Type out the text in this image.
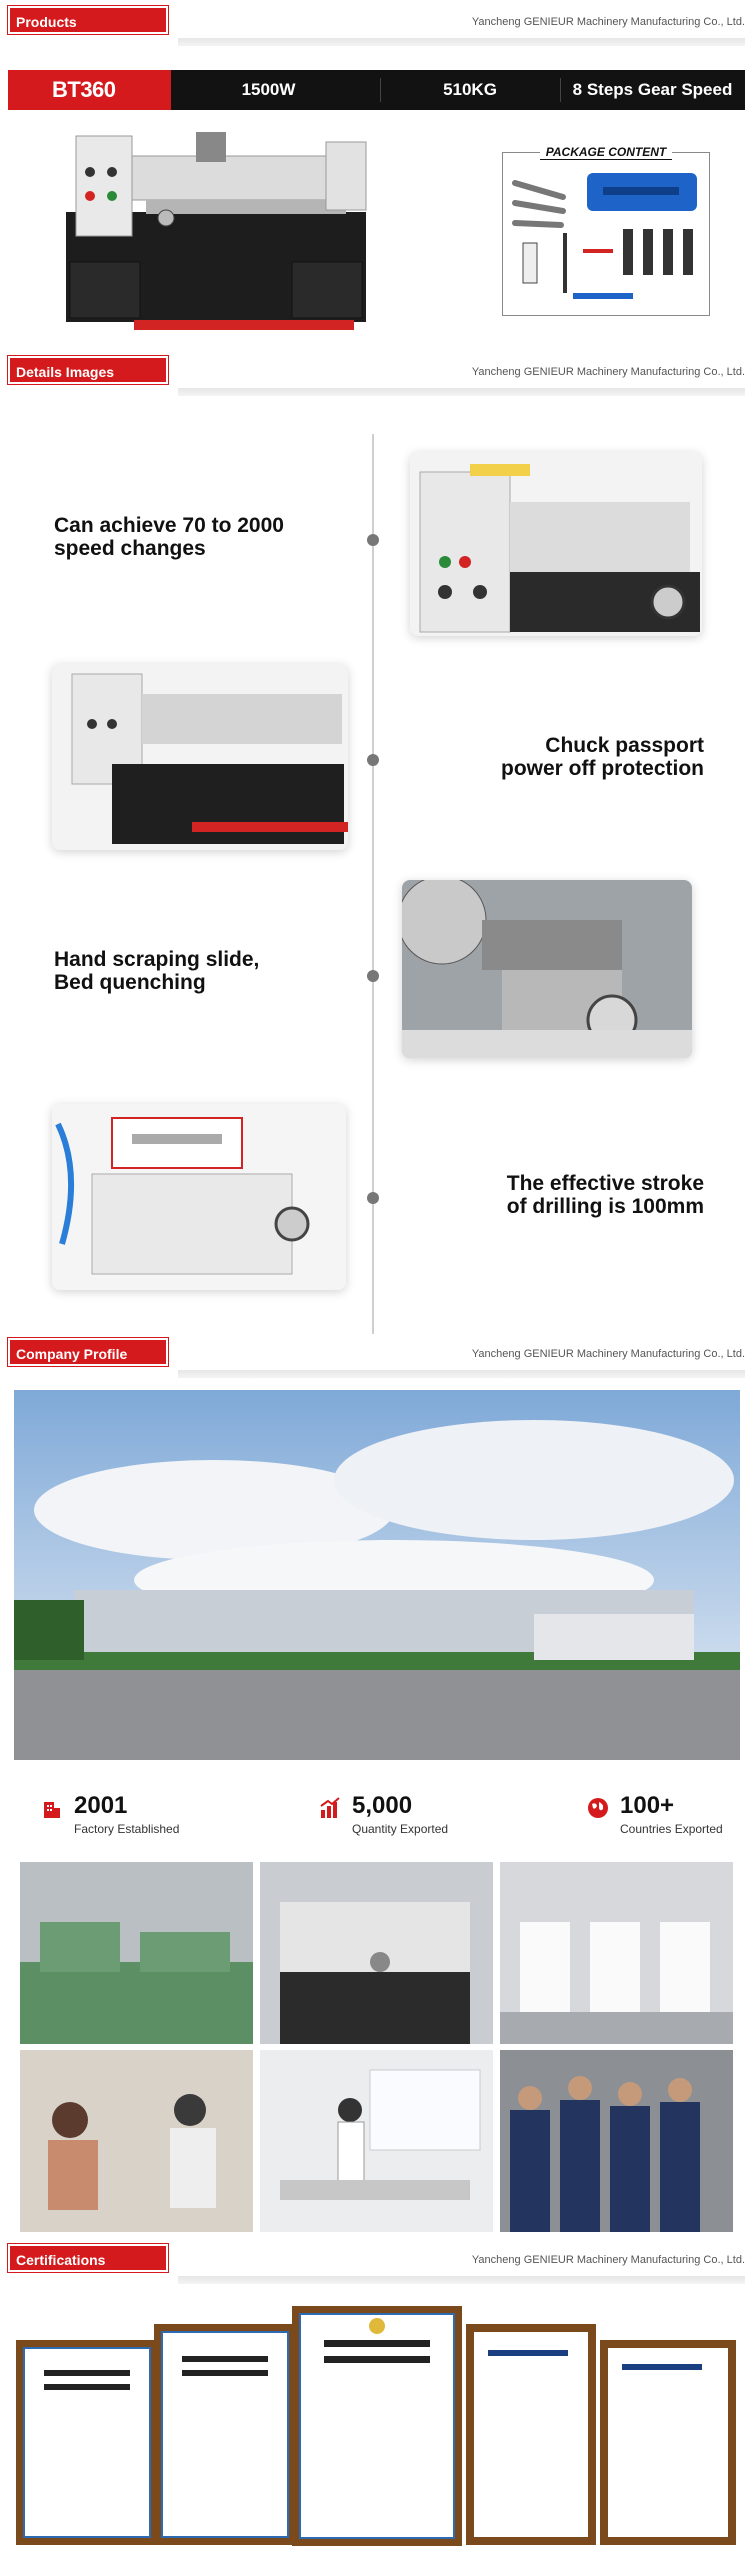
Products Description
Yancheng GENIEUR Machinery Manufacturing Co., Ltd.
BT360	1500W	510KG	8 Steps Gear Speed
PACKAGE CONTENT
Details Images	Yancheng GENIEUR Machinery Manufacturing Co., Ltd.
Can achieve 70 to 2000
speed changes
Chuck passport
power off protection
Hand scraping slide,
Bed quenching
The effective stroke
of drilling is 100mm
Company Profile	Yancheng GENIEUR Machinery Manufacturing Co., Ltd.
2001
Factory Established
5,000
Quantity Exported
100+
Countries Exported
Certifications	Yancheng GENIEUR Machinery Manufacturing Co., Ltd.
